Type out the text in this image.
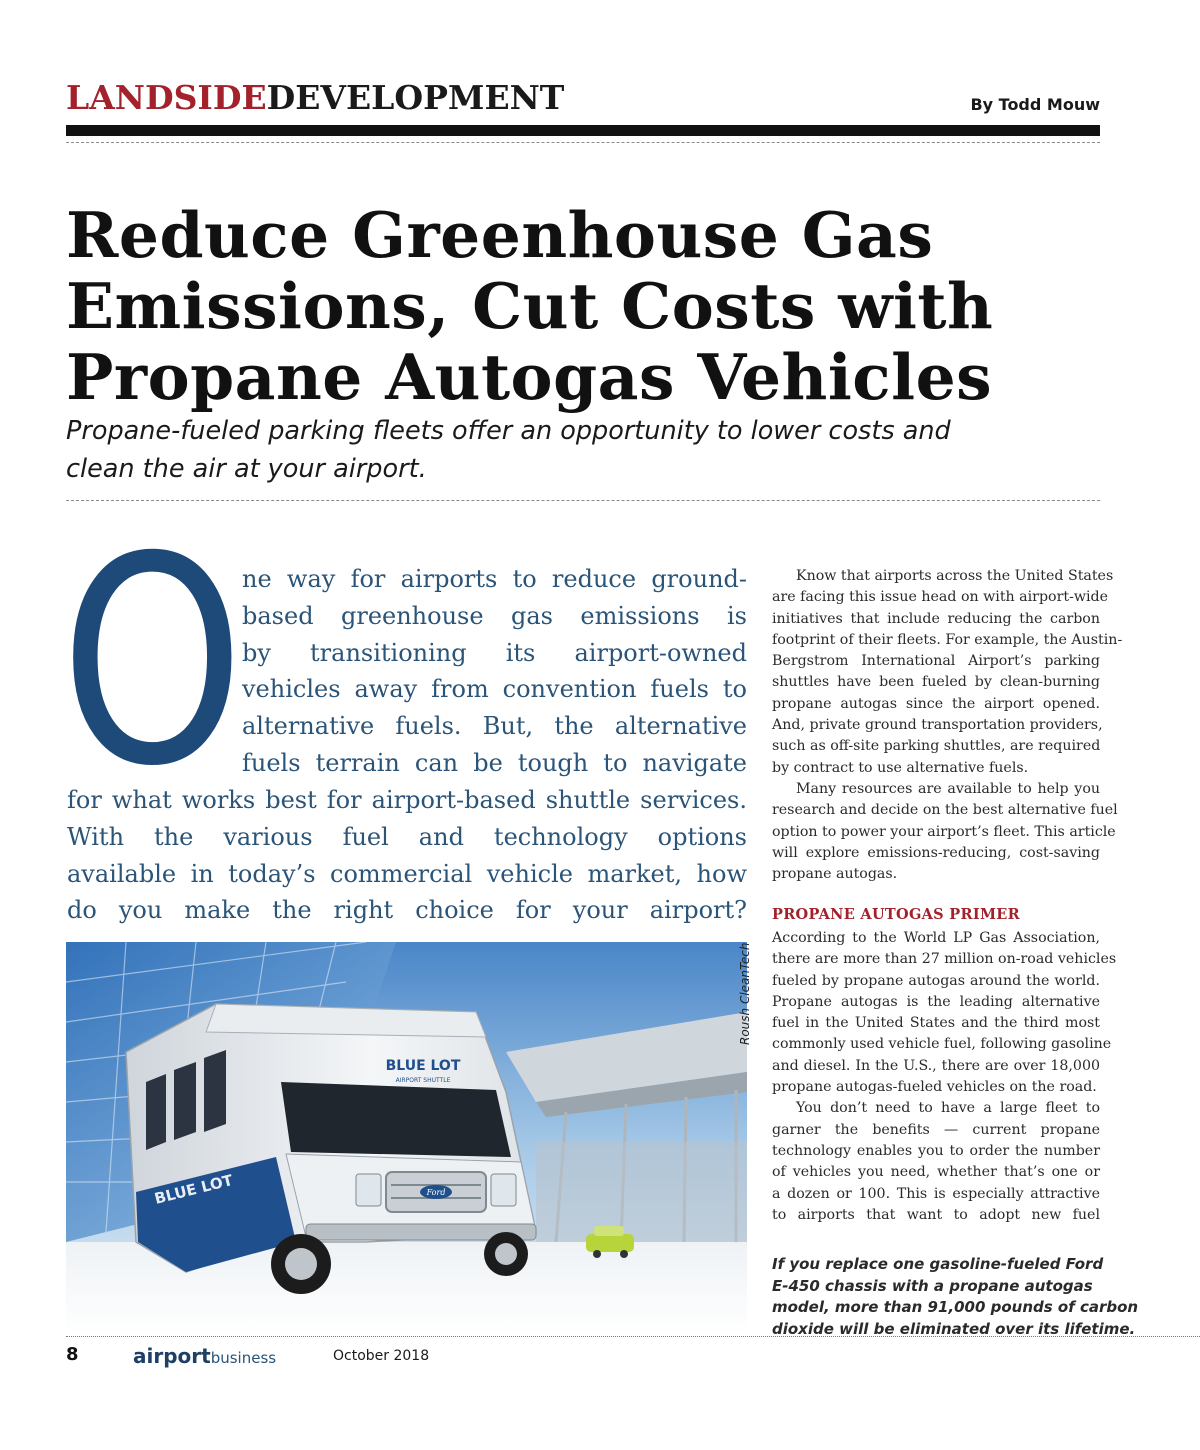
LANDSIDEDEVELOPMENT	By Todd Mouw
Reduce Greenhouse Gas
Emissions, Cut Costs with
Propane Autogas Vehicles
Propane-fueled parking fleets offer an opportunity to lower costs and
clean the air at your airport.
O
ne way for airports to reduce ground-
based greenhouse gas emissions is
by transitioning its airport-owned
vehicles away from convention fuels to
alternative fuels. But, the alternative
fuels terrain can be tough to navigate
for what works best for airport-based shuttle services.
With the various fuel and technology options
available in today’s commercial vehicle market, how
do you make the right choice for your airport?
BLUE LOT
BLUE LOT
AIRPORT SHUTTLE
Ford
Roush CleanTech

Know that airports across the United States
are facing this issue head on with airport-wide
initiatives that include reducing the carbon
footprint of their fleets. For example, the Austin-
Bergstrom International Airport’s parking
shuttles have been fueled by clean-burning
propane autogas since the airport opened.
And, private ground transportation providers,
such as off-site parking shuttles, are required
by contract to use alternative fuels.

Many resources are available to help you
research and decide on the best alternative fuel
option to power your airport’s fleet. This article
will explore emissions-reducing, cost-saving
propane autogas.

PROPANE AUTOGAS PRIMER

According to the World LP Gas Association,
there are more than 27 million on-road vehicles
fueled by propane autogas around the world.
Propane autogas is the leading alternative
fuel in the United States and the third most
commonly used vehicle fuel, following gasoline
and diesel. In the U.S., there are over 18,000
propane autogas-fueled vehicles on the road.

You don’t need to have a large fleet to
garner the benefits — current propane
technology enables you to order the number
of vehicles you need, whether that’s one or
a dozen or 100. This is especially attractive
to airports that want to adopt new fuel

If you replace one gasoline-fueled Ford
E-450 chassis with a propane autogas
model, more than 91,000 pounds of carbon
dioxide will be eliminated over its lifetime.
8	airportbusiness	October 2018
